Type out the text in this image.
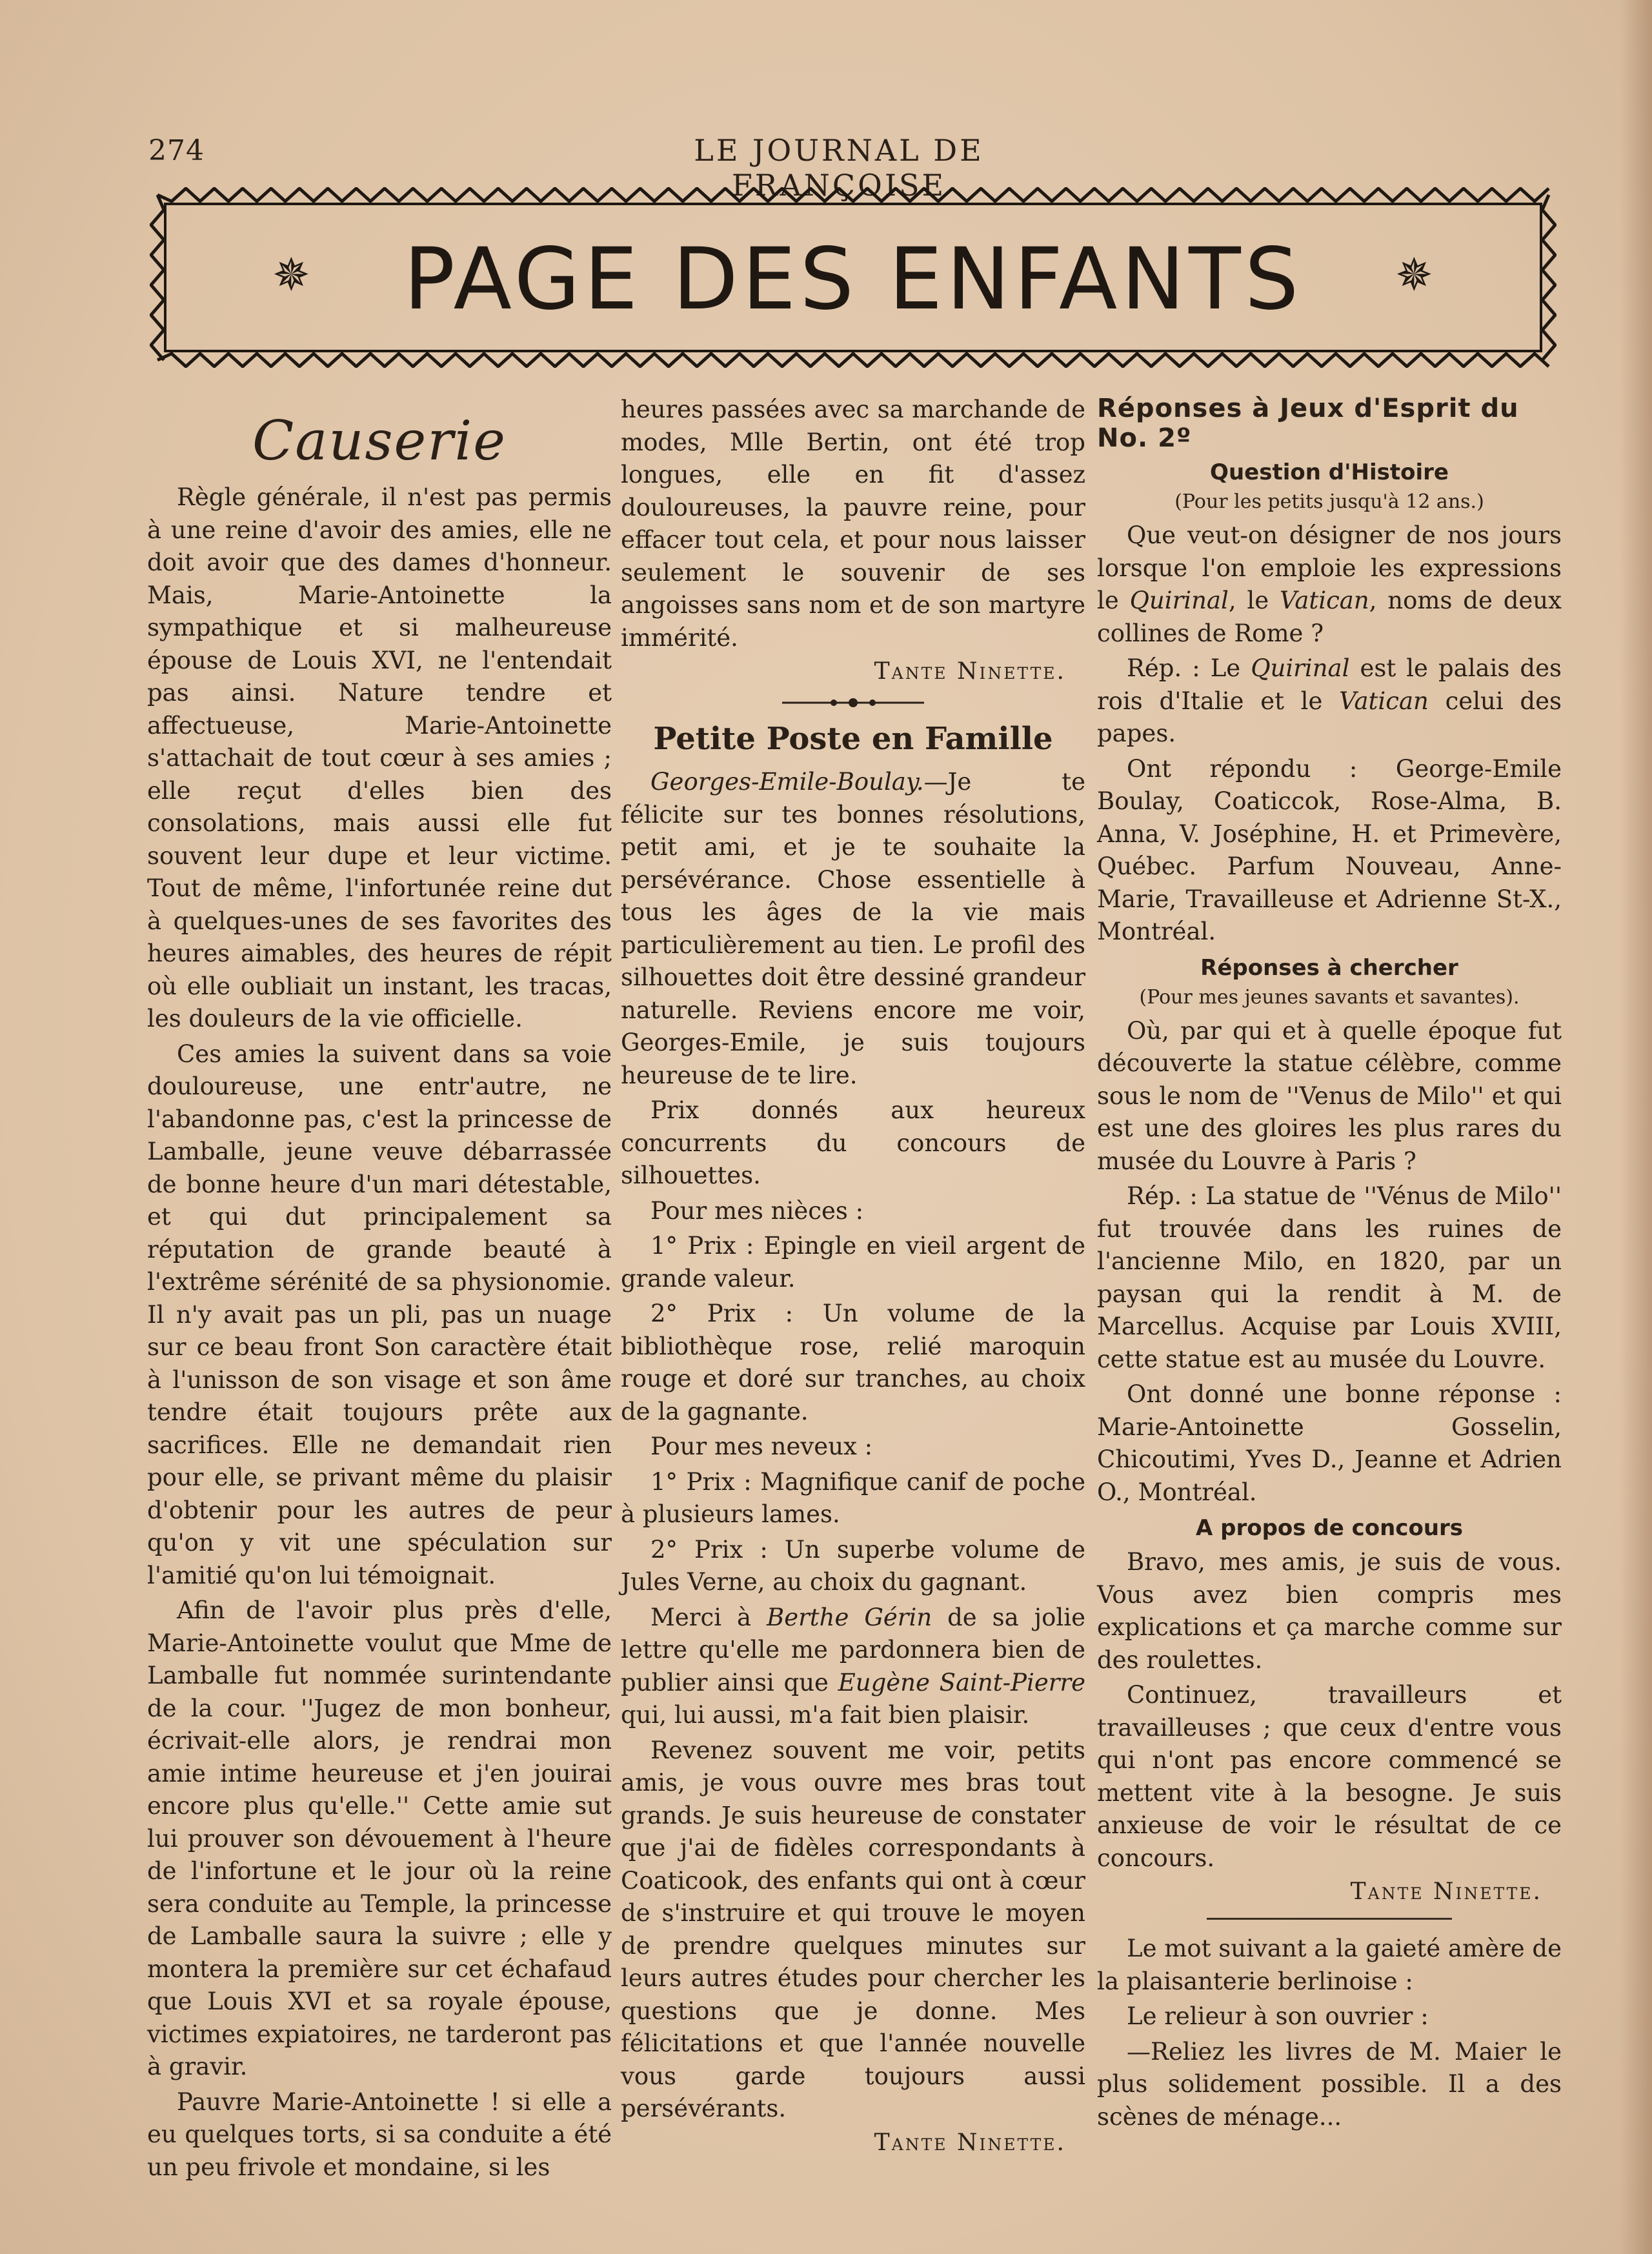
274	LE JOURNAL DE FRANÇOISE
✵	PAGE DES ENFANTS	✵
Causerie

Règle générale, il n'est pas permis à une reine d'avoir des amies, elle ne doit avoir que des dames d'honneur. Mais, Marie-Antoinette la sympathique et si malheureuse épouse de Louis XVI, ne l'entendait pas ainsi. Nature tendre et affectueuse, Marie-Antoinette s'attachait de tout cœur à ses amies ; elle reçut d'elles bien des consolations, mais aussi elle fut souvent leur dupe et leur victime. Tout de même, l'infortunée reine dut à quelques-unes de ses favorites des heures aimables, des heures de répit où elle oubliait un instant, les tracas, les douleurs de la vie officielle.

Ces amies la suivent dans sa voie douloureuse, une entr'autre, ne l'abandonne pas, c'est la princesse de Lamballe, jeune veuve débarrassée de bonne heure d'un mari détestable, et qui dut principalement sa réputation de grande beauté à l'extrême sérénité de sa physionomie. Il n'y avait pas un pli, pas un nuage sur ce beau front Son caractère était à l'unisson de son visage et son âme tendre était toujours prête aux sacrifices. Elle ne demandait rien pour elle, se privant même du plaisir d'obtenir pour les autres de peur qu'on y vit une spéculation sur l'amitié qu'on lui témoignait.

Afin de l'avoir plus près d'elle, Marie-Antoinette voulut que Mme de Lamballe fut nommée surintendante de la cour. ''Jugez de mon bonheur, écrivait-elle alors, je rendrai mon amie intime heureuse et j'en jouirai encore plus qu'elle.'' Cette amie sut lui prouver son dévouement à l'heure de l'infortune et le jour où la reine sera conduite au Temple, la princesse de Lamballe saura la suivre ; elle y montera la première sur cet échafaud que Louis XVI et sa royale épouse, victimes expiatoires, ne tarderont pas à gravir.

Pauvre Marie-Antoinette ! si elle a eu quelques torts, si sa conduite a été un peu frivole et mondaine, si les

heures passées avec sa marchande de modes, Mlle Bertin, ont été trop longues, elle en fit d'assez douloureuses, la pauvre reine, pour effacer tout cela, et pour nous laisser seulement le souvenir de ses angoisses sans nom et de son martyre immérité.

Tante Ninette.
Petite Poste en Famille

Georges-Emile-Boulay.—Je te félicite sur tes bonnes résolutions, petit ami, et je te souhaite la persévérance. Chose essentielle à tous les âges de la vie mais particulièrement au tien. Le profil des silhouettes doit être dessiné grandeur naturelle. Reviens encore me voir, Georges-Emile, je suis toujours heureuse de te lire.

Prix donnés aux heureux concurrents du concours de silhouettes.

Pour mes nièces :

1° Prix : Epingle en vieil argent de grande valeur.

2° Prix : Un volume de la bibliothèque rose, relié maroquin rouge et doré sur tranches, au choix de la gagnante.

Pour mes neveux :

1° Prix : Magnifique canif de poche à plusieurs lames.

2° Prix : Un superbe volume de Jules Verne, au choix du gagnant.

Merci à Berthe Gérin de sa jolie lettre qu'elle me pardonnera bien de publier ainsi que Eugène Saint-Pierre qui, lui aussi, m'a fait bien plaisir.

Revenez souvent me voir, petits amis, je vous ouvre mes bras tout grands. Je suis heureuse de constater que j'ai de fidèles correspondants à Coaticook, des enfants qui ont à cœur de s'instruire et qui trouve le moyen de prendre quelques minutes sur leurs autres études pour chercher les questions que je donne. Mes félicitations et que l'année nouvelle vous garde toujours aussi persévérants.

Tante Ninette.
Réponses à Jeux d'Esprit du No. 2º
Question d'Histoire
(Pour les petits jusqu'à 12 ans.)

Que veut-on désigner de nos jours lorsque l'on emploie les expressions le Quirinal, le Vatican, noms de deux collines de Rome ?

Rép. : Le Quirinal est le palais des rois d'Italie et le Vatican celui des papes.

Ont répondu : George-Emile Boulay, Coaticcok, Rose-Alma, B. Anna, V. Joséphine, H. et Primevère, Québec. Parfum Nouveau, Anne-Marie, Travailleuse et Adrienne St-X., Montréal.

Réponses à chercher
(Pour mes jeunes savants et savantes).

Où, par qui et à quelle époque fut découverte la statue célèbre, comme sous le nom de ''Venus de Milo'' et qui est une des gloires les plus rares du musée du Louvre à Paris ?

Rép. : La statue de ''Vénus de Milo'' fut trouvée dans les ruines de l'ancienne Milo, en 1820, par un paysan qui la rendit à M. de Marcellus. Acquise par Louis XVIII, cette statue est au musée du Louvre.

Ont donné une bonne réponse : Marie-Antoinette Gosselin, Chicoutimi, Yves D., Jeanne et Adrien O., Montréal.

A propos de concours

Bravo, mes amis, je suis de vous. Vous avez bien compris mes explications et ça marche comme sur des roulettes.

Continuez, travailleurs et travailleuses ; que ceux d'entre vous qui n'ont pas encore commencé se mettent vite à la besogne. Je suis anxieuse de voir le résultat de ce concours.

Tante Ninette.

Le mot suivant a la gaieté amère de la plaisanterie berlinoise :

Le relieur à son ouvrier :

—Reliez les livres de M. Maier le plus solidement possible. Il a des scènes de ménage...
